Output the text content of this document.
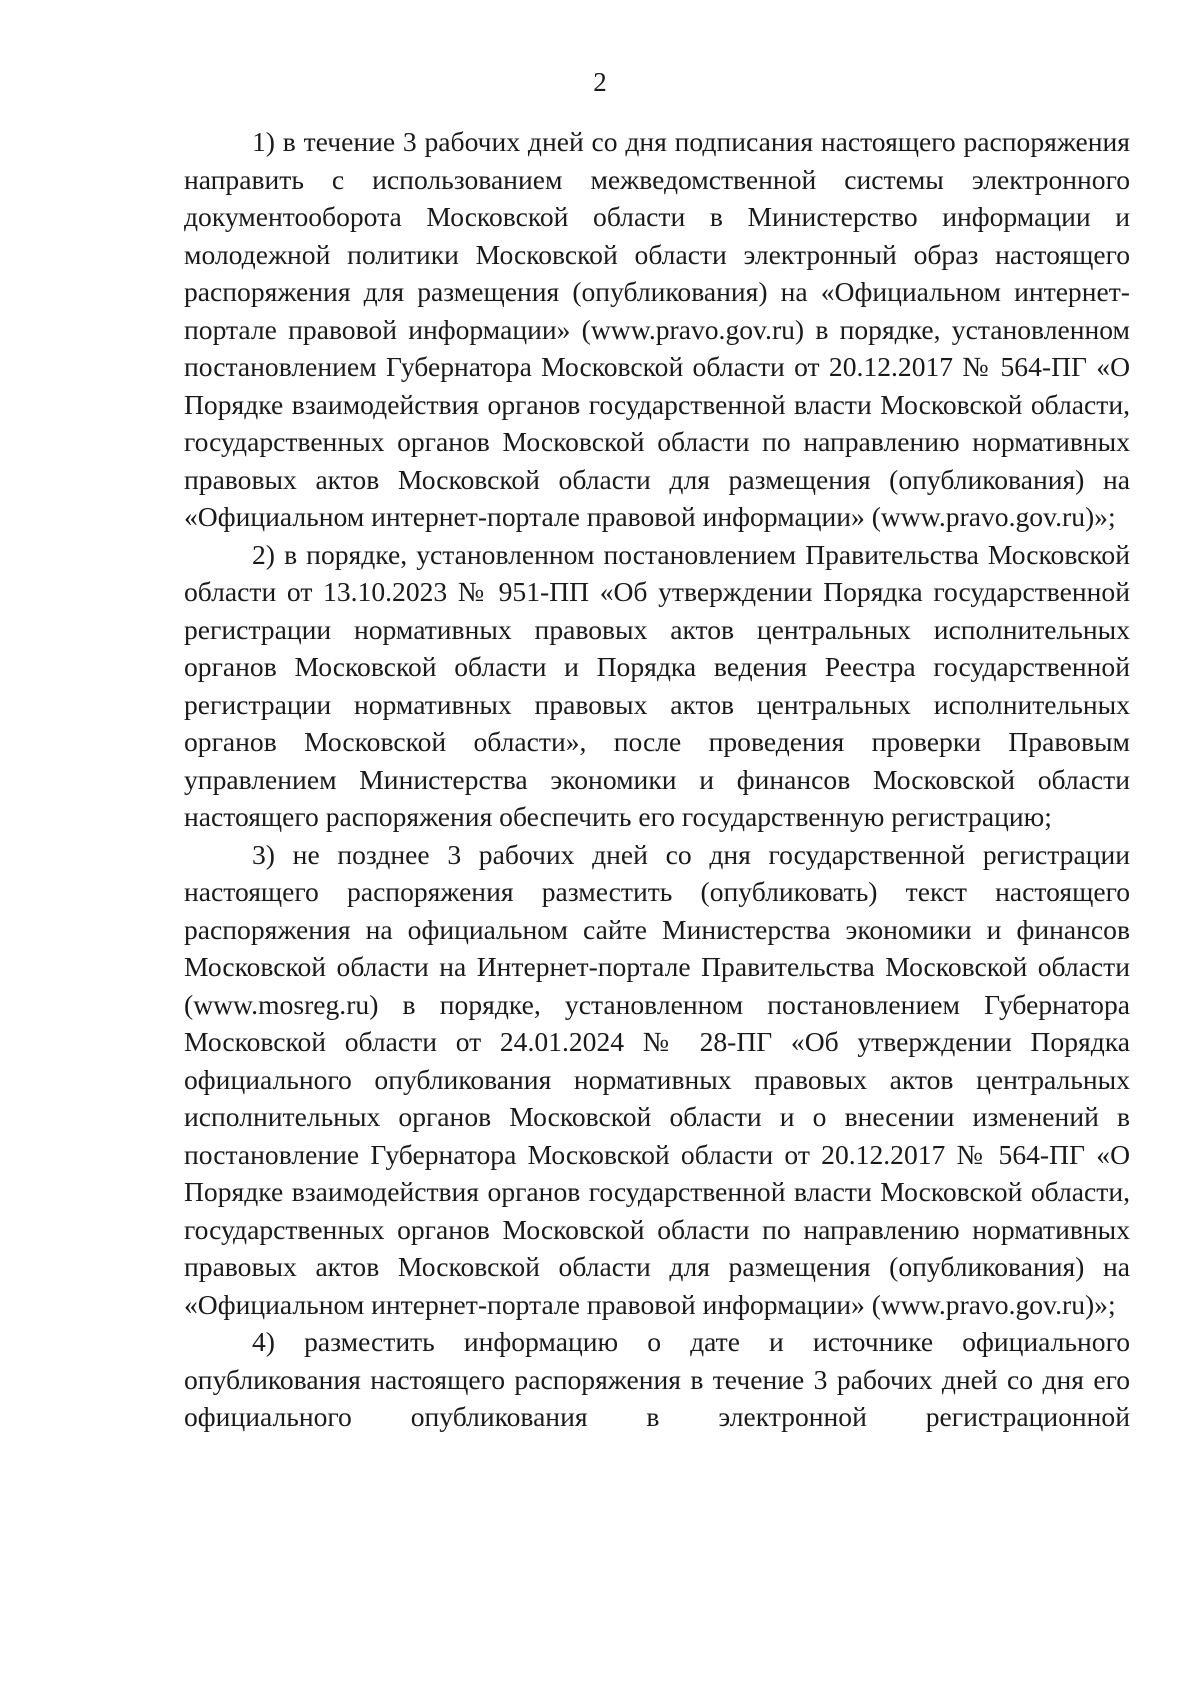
2

1) в течение 3 рабочих дней со дня подписания настоящего распоряжения направить с использованием межведомственной системы электронного документооборота Московской области в Министерство информации и молодежной политики Московской области электронный образ настоящего распоряжения для размещения (опубликования) на «Официальном интернет-портале правовой информации» (www.pravo.gov.ru) в порядке, установленном постановлением Губернатора Московской области от 20.12.2017 № 564-ПГ «О Порядке взаимодействия органов государственной власти Московской области, государственных органов Московской области по направлению нормативных правовых актов Московской области для размещения (опубликования) на «Официальном интернет-портале правовой информации» (www.pravo.gov.ru)»;

2) в порядке, установленном постановлением Правительства Московской области от 13.10.2023 № 951-ПП «Об утверждении Порядка государственной регистрации нормативных правовых актов центральных исполнительных органов Московской области и Порядка ведения Реестра государственной регистрации нормативных правовых актов центральных исполнительных органов Московской области», после проведения проверки Правовым управлением Министерства экономики и финансов Московской области настоящего распоряжения обеспечить его государственную регистрацию;

3) не позднее 3 рабочих дней со дня государственной регистрации настоящего распоряжения разместить (опубликовать) текст настоящего распоряжения на официальном сайте Министерства экономики и финансов Московской области на Интернет-портале Правительства Московской области (www.mosreg.ru) в порядке, установленном постановлением Губернатора Московской области от 24.01.2024 № 28-ПГ «Об утверждении Порядка официального опубликования нормативных правовых актов центральных исполнительных органов Московской области и о внесении изменений в постановление Губернатора Московской области от 20.12.2017 № 564-ПГ «О Порядке взаимодействия органов государственной власти Московской области, государственных органов Московской области по направлению нормативных правовых актов Московской области для размещения (опубликования) на «Официальном интернет-портале правовой информации» (www.pravo.gov.ru)»;

4) разместить информацию о дате и источнике официального опубликования настоящего распоряжения в течение 3 рабочих дней со дня его официального опубликования в электронной регистрационной
